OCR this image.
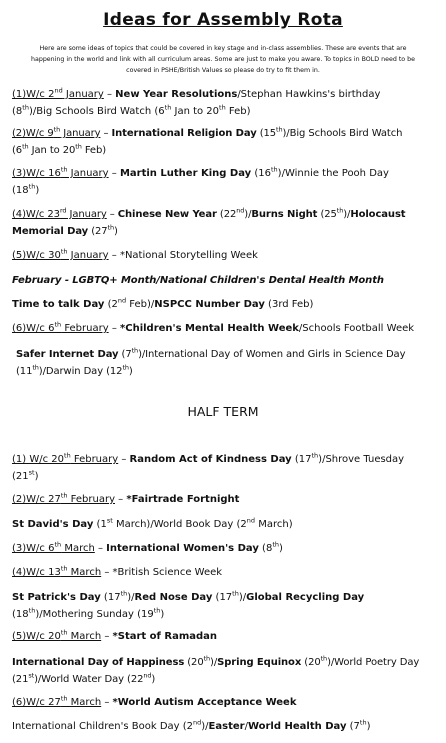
Ideas for Assembly Rota
Here are some ideas of topics that could be covered in key stage and in-class assemblies. These are events that are
happening in the world and link with all curriculum areas. Some are just to make you aware. To topics in BOLD need to be
covered in PSHE/British Values so please do try to fit them in.
(1)W/c 2nd January – New Year Resolutions/Stephan Hawkins's birthday
(8th)/Big Schools Bird Watch (6th Jan to 20th Feb)
(2)W/c 9th January – International Religion Day (15th)/Big Schools Bird Watch
(6th Jan to 20th Feb)
(3)W/c 16th January – Martin Luther King Day (16th)/Winnie the Pooh Day
(18th)
(4)W/c 23rd January – Chinese New Year (22nd)/Burns Night (25th)/Holocaust
Memorial Day (27th)
(5)W/c 30th January – *National Storytelling Week
February - LGBTQ+ Month/National Children's Dental Health Month
Time to talk Day (2nd Feb)/NSPCC Number Day (3rd Feb)
(6)W/c 6th February – *Children's Mental Health Week/Schools Football Week
Safer Internet Day (7th)/International Day of Women and Girls in Science Day
(11th)/Darwin Day (12th)
HALF TERM
(1) W/c 20th February – Random Act of Kindness Day (17th)/Shrove Tuesday
(21st)
(2)W/c 27th February – *Fairtrade Fortnight
St David's Day (1st March)/World Book Day (2nd March)
(3)W/c 6th March – International Women's Day (8th)
(4)W/c 13th March – *British Science Week
St Patrick's Day (17th)/Red Nose Day (17th)/Global Recycling Day
(18th)/Mothering Sunday (19th)
(5)W/c 20th March – *Start of Ramadan
International Day of Happiness (20th)/Spring Equinox (20th)/World Poetry Day
(21st)/World Water Day (22nd)
(6)W/c 27th March – *World Autism Acceptance Week
International Children's Book Day (2nd)/Easter/World Health Day (7th)
